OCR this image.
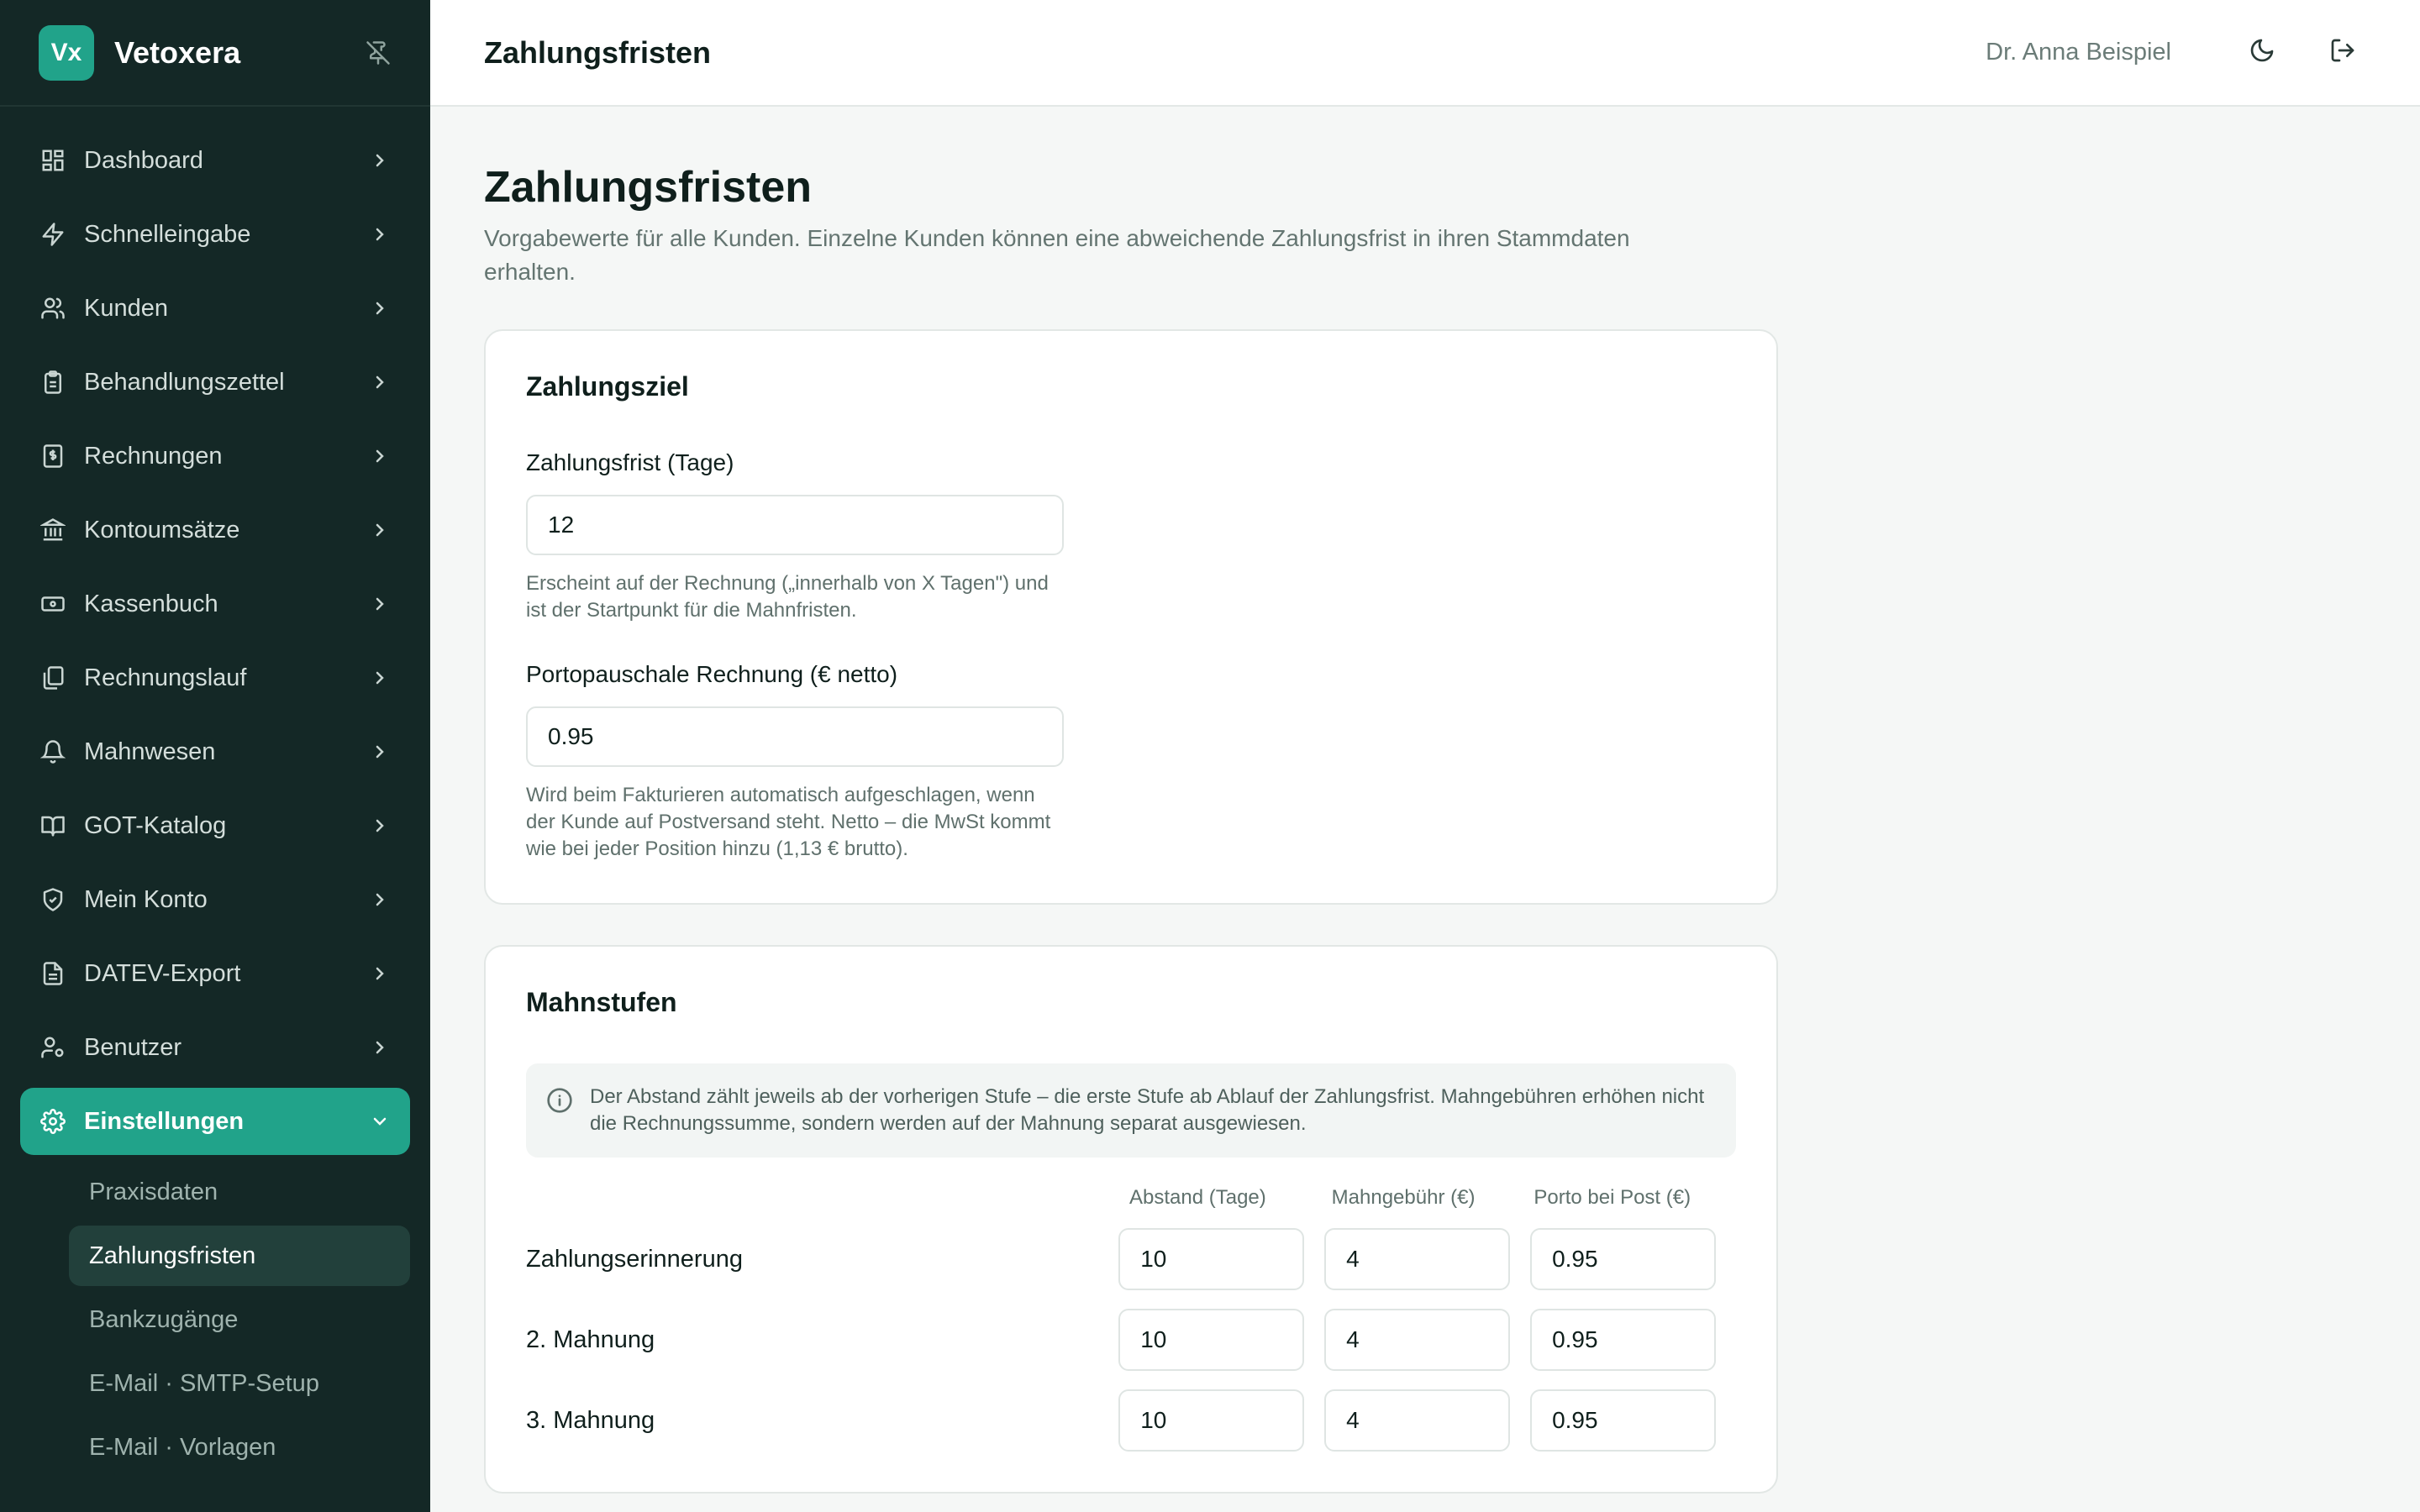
Vx	Vetoxera
Dashboard
Schnelleingabe
Kunden
Behandlungszettel
Rechnungen
Kontoumsätze
Kassenbuch
Rechnungslauf
Mahnwesen
GOT-Katalog
Mein Konto
DATEV-Export
Benutzer
Einstellungen
Praxisdaten
Zahlungsfristen
Bankzugänge
E-Mail · SMTP-Setup
E-Mail · Vorlagen
Zahlungsfristen	Dr. Anna Beispiel
Zahlungsfristen
Vorgabewerte für alle Kunden. Einzelne Kunden können eine abweichende Zahlungsfrist in ihren Stammdaten erhalten.
Zahlungsziel
Zahlungsfrist (Tage)
12
Erscheint auf der Rechnung („innerhalb von X Tagen") und ist der Startpunkt für die Mahnfristen.
Portopauschale Rechnung (€ netto)
0.95
Wird beim Fakturieren automatisch aufgeschlagen, wenn der Kunde auf Postversand steht. Netto – die MwSt kommt wie bei jeder Position hinzu (1,13 € brutto).
Mahnstufen
Der Abstand zählt jeweils ab der vorherigen Stufe – die erste Stufe ab Ablauf der Zahlungsfrist. Mahngebühren erhöhen nicht die Rechnungssumme, sondern werden auf der Mahnung separat ausgewiesen.
Abstand (Tage)	Mahngebühr (€)	Porto bei Post (€)
Zahlungserinnerung	10	4	0.95
2. Mahnung	10	4	0.95
3. Mahnung	10	4	0.95
